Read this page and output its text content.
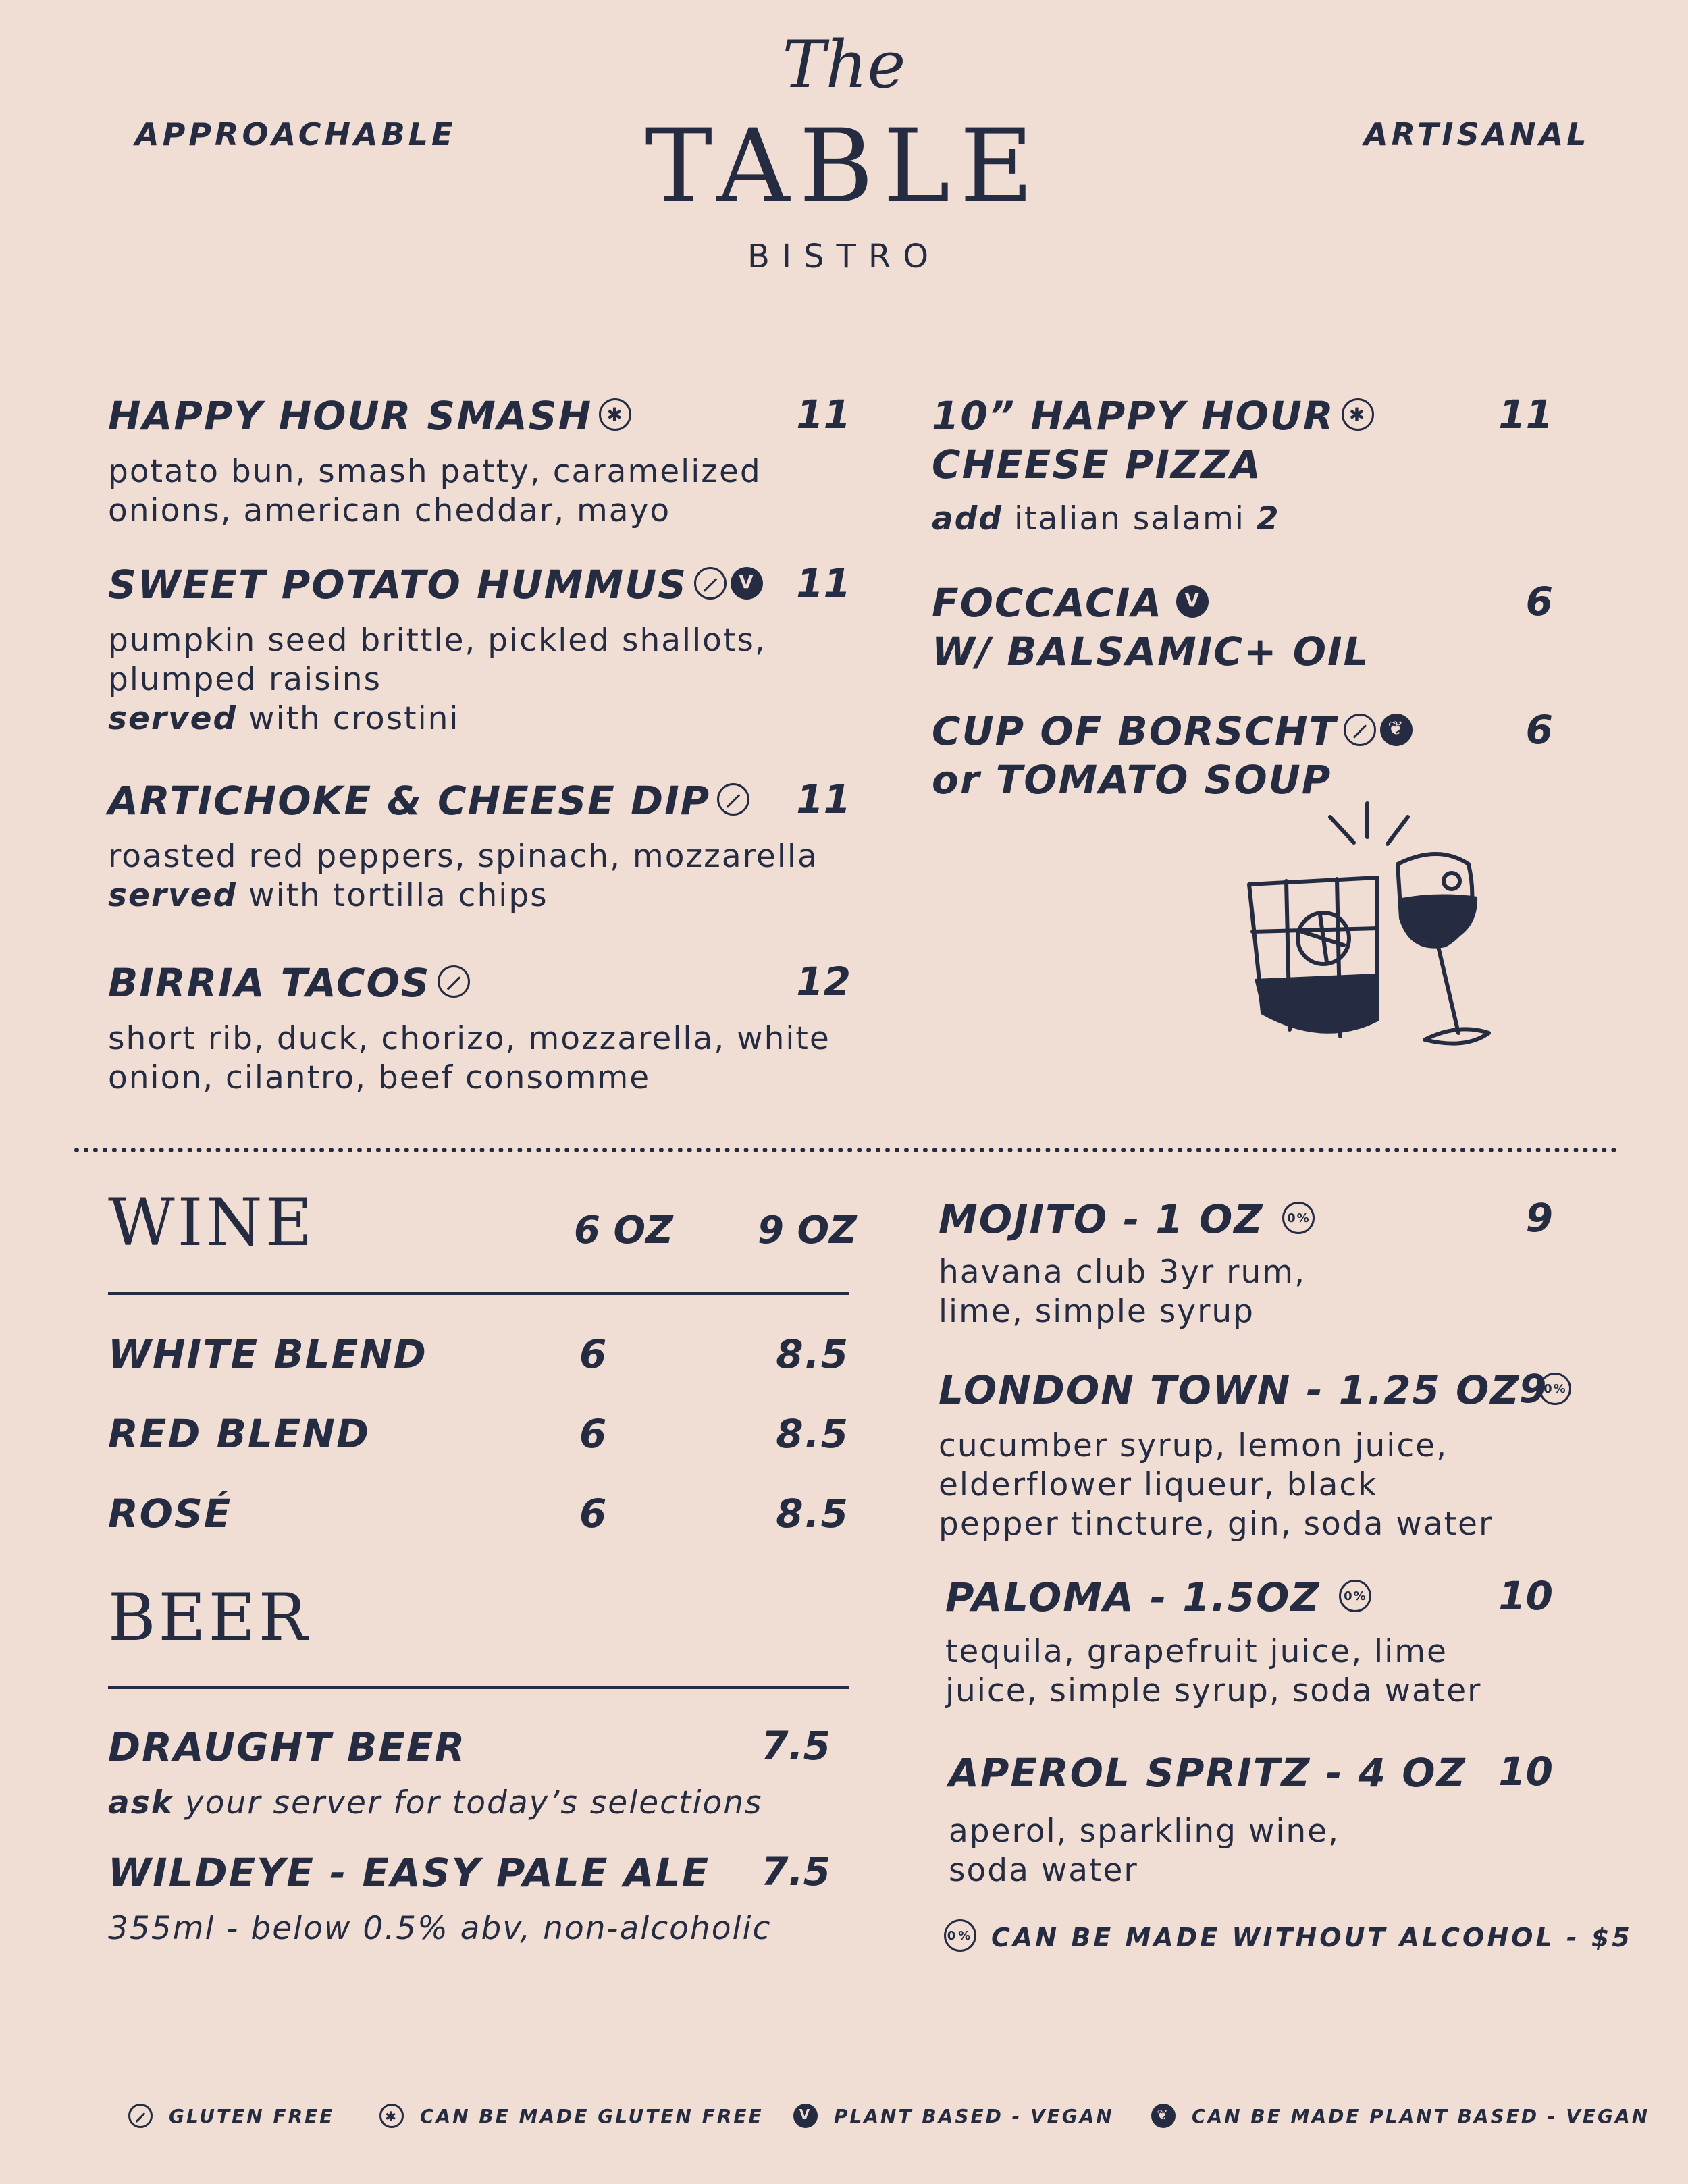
APPROACHABLE	ARTISANAL
The
TABLE
BISTRO
HAPPY HOUR SMASH ✱	11
potato bun, smash patty, caramelized
onions, american cheddar, mayo
SWEET POTATO HUMMUS	V	11
pumpkin seed brittle, pickled shallots,
plumped raisins
served with crostini
ARTICHOKE & CHEESE DIP	11
roasted red peppers, spinach, mozzarella
served with tortilla chips
BIRRIA TACOS	12
short rib, duck, chorizo, mozzarella, white
onion, cilantro, beef consomme
10” HAPPY HOUR ✱
CHEESE PIZZA
11
add italian salami 2
FOCCACIA V
W/ BALSAMIC+ OIL
6
CUP OF BORSCHT	❦
or TOMATO SOUP
6
WINE	6 OZ 9 OZ
WHITE BLEND	6	8.5
RED BLEND	6	8.5
ROSÉ	6	8.5
BEER
DRAUGHT BEER	7.5
ask your server for today’s selections
WILDEYE - EASY PALE ALE	7.5
355ml - below 0.5% abv, non-alcoholic
MOJITO - 1 OZ 0%	9
havana club 3yr rum,
lime, simple syrup
LONDON TOWN - 1.25 OZ 0%
9
cucumber syrup, lemon juice,
elderflower liqueur, black
pepper tincture, gin, soda water
PALOMA - 1.5OZ 0%	10
tequila, grapefruit juice, lime
juice, simple syrup, soda water
APEROL SPRITZ - 4 OZ 10
aperol, sparkling wine,
soda water
0% CAN BE MADE WITHOUT ALCOHOL - $5
GLUTEN FREE	✱ CAN BE MADE GLUTEN FREE	V PLANT BASED - VEGAN	❦ CAN BE MADE PLANT BASED - VEGAN
